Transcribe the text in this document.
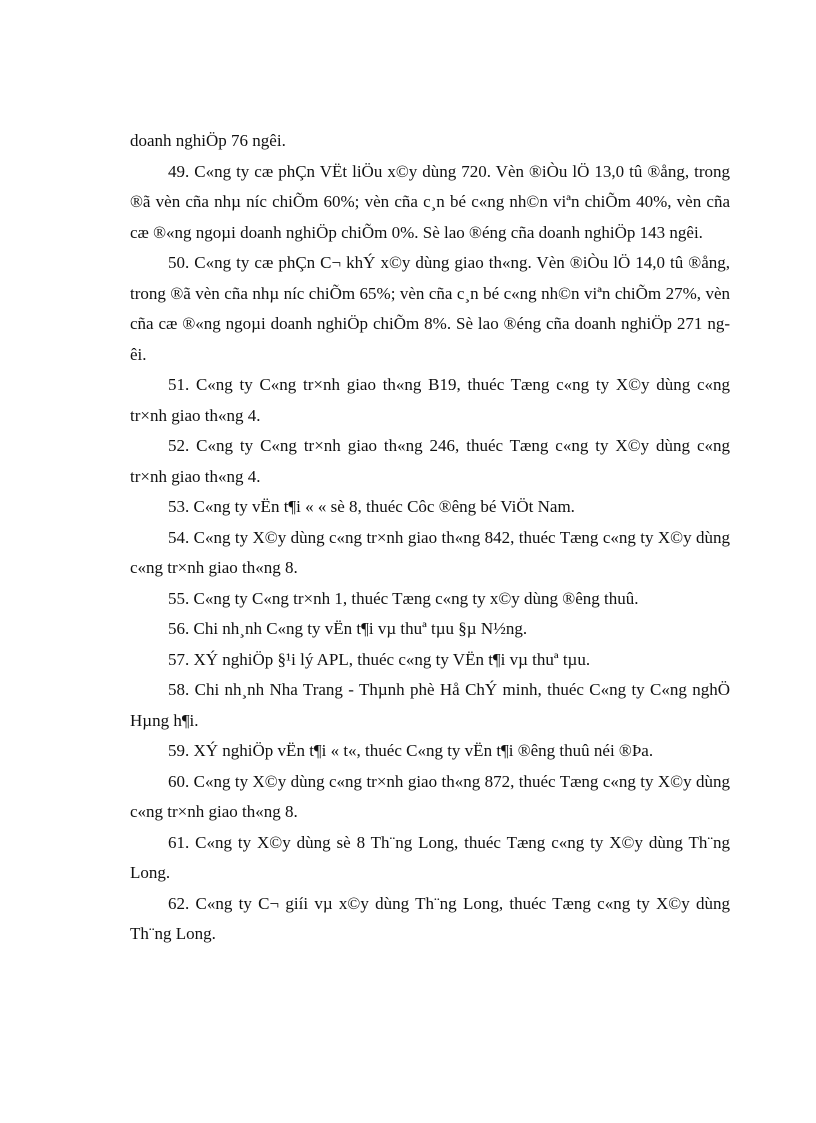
doanh nghiÖp 76 ngêi.

49. C«ng ty cæ phÇn VËt liÖu x©y dùng 720. Vèn ®iÒu lÖ 13,0 tû ®ång, trong ®ã vèn cña nhµ níc chiÕm 60%; vèn cña c¸n bé c«ng nh©n viªn chiÕm 40%, vèn cña cæ ®«ng ngoµi doanh nghiÖp chiÕm 0%. Sè lao ®éng cña doanh nghiÖp 143 ngêi.

50. C«ng ty cæ phÇn C¬ khÝ x©y dùng giao th«ng. Vèn ®iÒu lÖ 14,0 tû ®ång, trong ®ã vèn cña nhµ níc chiÕm 65%; vèn cña c¸n bé c«ng nh©n viªn chiÕm 27%, vèn cña cæ ®«ng ngoµi doanh nghiÖp chiÕm 8%. Sè lao ®éng cña doanh nghiÖp 271 ngêi.

51. C«ng ty C«ng tr×nh giao th«ng B19, thuéc Tæng c«ng ty X©y dùng c«ng tr×nh giao th«ng 4.

52. C«ng ty C«ng tr×nh giao th«ng 246, thuéc Tæng c«ng ty X©y dùng c«ng tr×nh giao th«ng 4.

53. C«ng ty vËn t¶i « « sè 8, thuéc Côc ®êng bé ViÖt Nam.

54. C«ng ty X©y dùng c«ng tr×nh giao th«ng 842, thuéc Tæng c«ng ty X©y dùng c«ng tr×nh giao th«ng 8.

55. C«ng ty C«ng tr×nh 1, thuéc Tæng c«ng ty x©y dùng ®êng thuû.

56. Chi nh¸nh C«ng ty vËn t¶i vµ thuª tµu §µ N½ng.

57. XÝ nghiÖp §¹i lý APL, thuéc c«ng ty VËn t¶i vµ thuª tµu.

58. Chi nh¸nh Nha Trang - Thµnh phè Hå ChÝ minh, thuéc C«ng ty C«ng nghÖ Hµng h¶i.

59. XÝ nghiÖp vËn t¶i « t«, thuéc C«ng ty vËn t¶i ®êng thuû néi ®Þa.

60. C«ng ty X©y dùng c«ng tr×nh giao th«ng 872, thuéc Tæng c«ng ty X©y dùng c«ng tr×nh giao th«ng 8.

61. C«ng ty X©y dùng sè 8 Th¨ng Long, thuéc Tæng c«ng ty X©y dùng Th¨ng Long.

62. C«ng ty C¬ giíi vµ x©y dùng Th¨ng Long, thuéc Tæng c«ng ty X©y dùng Th¨ng Long.
